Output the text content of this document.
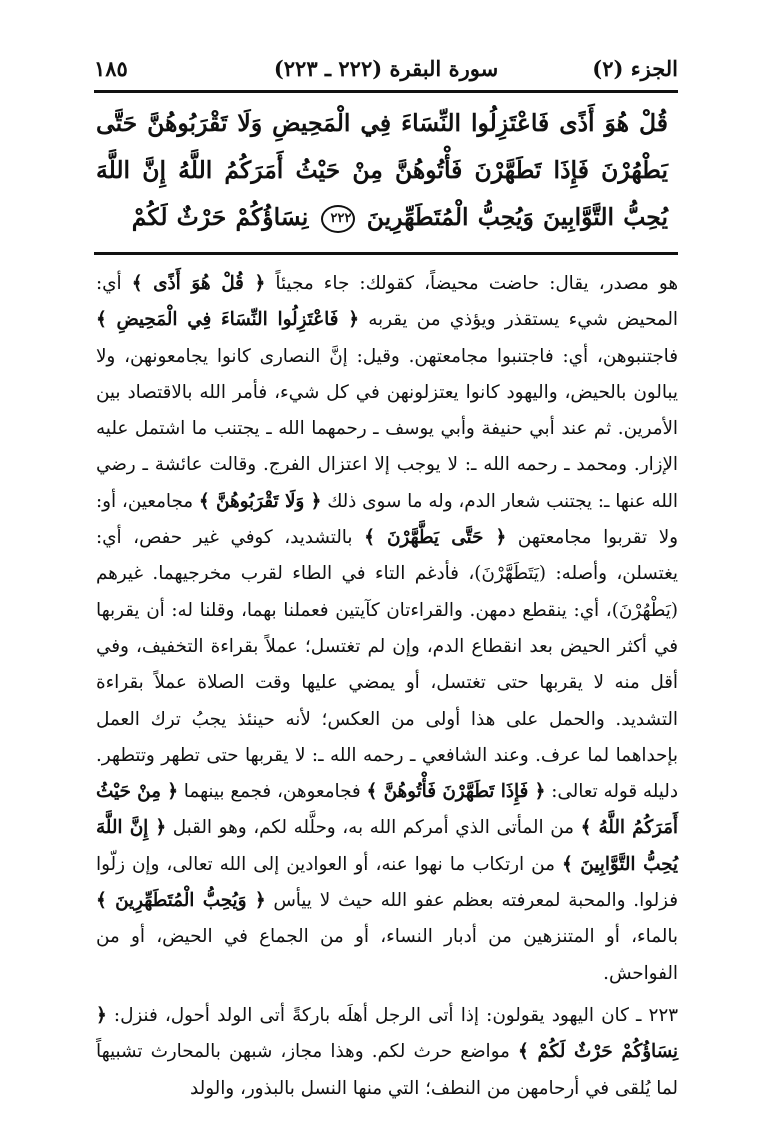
الجزء (٢)
سورة البقرة (٢٢٢ ـ ٢٢٣)
١٨٥
قُلْ هُوَ أَذًى فَاعْتَزِلُوا النِّسَاءَ فِي الْمَحِيضِ وَلَا تَقْرَبُوهُنَّ حَتَّى يَطْهُرْنَ فَإِذَا تَطَهَّرْنَ فَأْتُوهُنَّ مِنْ حَيْثُ أَمَرَكُمُ اللَّهُ إِنَّ اللَّهَ يُحِبُّ التَّوَّابِينَ وَيُحِبُّ الْمُتَطَهِّرِينَ ٢٢٢ نِسَاؤُكُمْ حَرْثٌ لَكُمْ

هو مصدر، يقال: حاضت محيضاً، كقولك: جاء مجيئاً ﴿ قُلْ هُوَ أَذًى ﴾ أي: المحيض شيء يستقذر ويؤذي من يقربه ﴿ فَاعْتَزِلُوا النِّسَاءَ فِي الْمَحِيضِ ﴾ فاجتنبوهن، أي: فاجتنبوا مجامعتهن. وقيل: إنَّ النصارى كانوا يجامعونهن، ولا يبالون بالحيض، واليهود كانوا يعتزلونهن في كل شيء، فأمر الله بالاقتصاد بين الأمرين. ثم عند أبي حنيفة وأبي يوسف ـ رحمهما الله ـ يجتنب ما اشتمل عليه الإزار. ومحمد ـ رحمه الله ـ: لا يوجب إلا اعتزال الفرج. وقالت عائشة ـ رضي الله عنها ـ: يجتنب شعار الدم، وله ما سوى ذلك ﴿ وَلَا تَقْرَبُوهُنَّ ﴾ مجامعين، أو: ولا تقربوا مجامعتهن ﴿ حَتَّى يَطَّهَّرْنَ ﴾ بالتشديد، كوفي غير حفص، أي: يغتسلن، وأصله: (يَتَطَهَّرْنَ)، فأدغم التاء في الطاء لقرب مخرجيهما. غيرهم (يَطْهُرْنَ)، أي: ينقطع دمهن. والقراءتان كآيتين فعملنا بهما، وقلنا له: أن يقربها في أكثر الحيض بعد انقطاع الدم، وإن لم تغتسل؛ عملاً بقراءة التخفيف، وفي أقل منه لا يقربها حتى تغتسل، أو يمضي عليها وقت الصلاة عملاً بقراءة التشديد. والحمل على هذا أولى من العكس؛ لأنه حينئذ يجبُ ترك العمل بإحداهما لما عرف. وعند الشافعي ـ رحمه الله ـ: لا يقربها حتى تطهر وتتطهر. دليله قوله تعالى: ﴿ فَإِذَا تَطَهَّرْنَ فَأْتُوهُنَّ ﴾ فجامعوهن، فجمع بينهما ﴿ مِنْ حَيْثُ أَمَرَكُمُ اللَّهُ ﴾ من المأتى الذي أمركم الله به، وحلَّله لكم، وهو القبل ﴿ إِنَّ اللَّهَ يُحِبُّ التَّوَّابِينَ ﴾ من ارتكاب ما نهوا عنه، أو العوادين إلى الله تعالى، وإن زلّوا فزلوا. والمحبة لمعرفته بعظم عفو الله حيث لا ييأس ﴿ وَيُحِبُّ الْمُتَطَهِّرِينَ ﴾ بالماء، أو المتنزهين من أدبار النساء، أو من الجماع في الحيض، أو من الفواحش.

٢٢٣ ـ كان اليهود يقولون: إذا أتى الرجل أهلَه باركةً أتى الولد أحول، فنزل: ﴿ نِسَاؤُكُمْ حَرْثٌ لَكُمْ ﴾ مواضع حرث لكم. وهذا مجاز، شبهن بالمحارث تشبيهاً لما يُلقى في أرحامهن من النطف؛ التي منها النسل بالبذور، والولد
